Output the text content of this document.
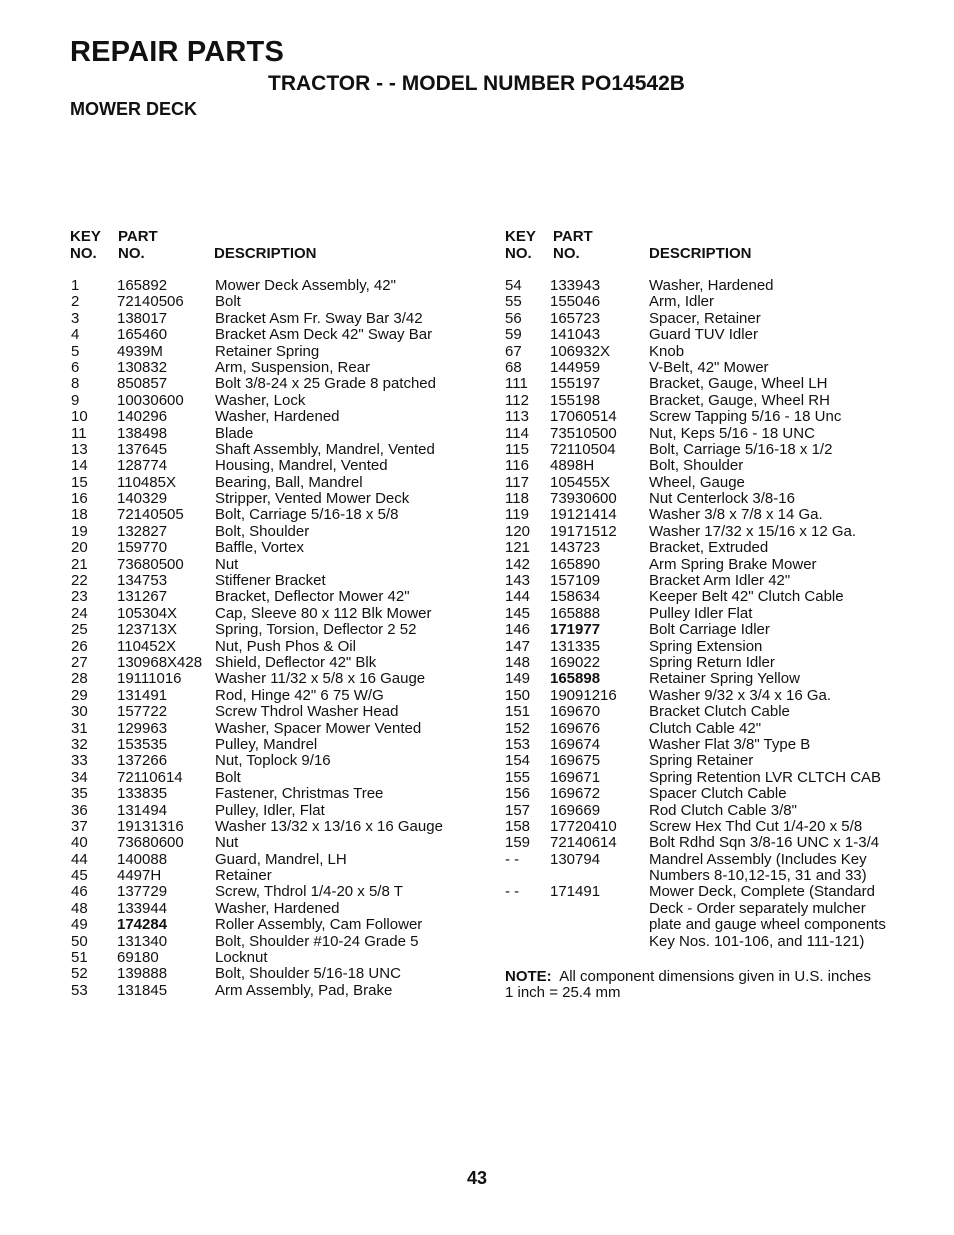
REPAIR PARTS
TRACTOR - - MODEL NUMBER PO14542B
MOWER DECK
KEY
NO.
PART
NO.	DESCRIPTION
1	165892	Mower Deck Assembly, 42"
2	72140506 Bolt
3	138017	Bracket Asm Fr. Sway Bar 3/42
4	165460	Bracket Asm Deck 42" Sway Bar
5	4939M	Retainer Spring
6	130832	Arm, Suspension, Rear
8	850857	Bolt 3/8-24 x 25 Grade 8 patched
9	10030600 Washer, Lock
10 140296	Washer, Hardened
11 138498	Blade
13 137645	Shaft Assembly, Mandrel, Vented
14 128774	Housing, Mandrel, Vented
15 110485X	Bearing, Ball, Mandrel
16 140329	Stripper, Vented Mower Deck
18 72140505 Bolt, Carriage 5/16-18 x 5/8
19 132827	Bolt, Shoulder
20 159770	Baffle, Vortex
21 73680500 Nut
22 134753	Stiffener Bracket
23 131267	Bracket, Deflector Mower 42"
24 105304X	Cap, Sleeve 80 x 112 Blk Mower
25 123713X	Spring, Torsion, Deflector 2 52
26 110452X	Nut, Push Phos & Oil
27 130968X428 Shield, Deflector 42" Blk
28 19111016 Washer 11/32 x 5/8 x 16 Gauge
29 131491	Rod, Hinge 42" 6 75 W/G
30 157722	Screw Thdrol Washer Head
31 129963	Washer, Spacer Mower Vented
32 153535	Pulley, Mandrel
33 137266	Nut, Toplock 9/16
34 72110614 Bolt
35 133835	Fastener, Christmas Tree
36 131494	Pulley, Idler, Flat
37 19131316 Washer 13/32 x 13/16 x 16 Gauge
40 73680600 Nut
44 140088	Guard, Mandrel, LH
45 4497H	Retainer
46 137729	Screw, Thdrol 1/4-20 x 5/8 T
48 133944	Washer, Hardened
49 174284	Roller Assembly, Cam Follower
50 131340	Bolt, Shoulder #10-24 Grade 5
51 69180	Locknut
52 139888	Bolt, Shoulder 5/16-18 UNC
53 131845	Arm Assembly, Pad, Brake
KEY
NO.
PART
NO.	DESCRIPTION
54 133943	Washer, Hardened
55 155046	Arm, Idler
56 165723	Spacer, Retainer
59 141043	Guard TUV Idler
67 106932X	Knob
68 144959	V-Belt, 42" Mower
111 155197	Bracket, Gauge, Wheel LH
112 155198	Bracket, Gauge, Wheel RH
113 17060514 Screw Tapping 5/16 - 18 Unc
114 73510500 Nut, Keps 5/16 - 18 UNC
115 72110504 Bolt, Carriage 5/16-18 x 1/2
116 4898H	Bolt, Shoulder
117 105455X	Wheel, Gauge
118 73930600 Nut Centerlock 3/8-16
119 19121414 Washer 3/8 x 7/8 x 14 Ga.
120 19171512 Washer 17/32 x 15/16 x 12 Ga.
121 143723	Bracket, Extruded
142 165890	Arm Spring Brake Mower
143 157109	Bracket Arm Idler 42"
144 158634	Keeper Belt 42" Clutch Cable
145 165888	Pulley Idler Flat
146 171977	Bolt Carriage Idler
147 131335	Spring Extension
148 169022	Spring Return Idler
149 165898	Retainer Spring Yellow
150 19091216 Washer 9/32 x 3/4 x 16 Ga.
151 169670	Bracket Clutch Cable
152 169676	Clutch Cable 42"
153 169674	Washer Flat 3/8" Type B
154 169675	Spring Retainer
155 169671	Spring Retention LVR CLTCH CAB
156 169672	Spacer Clutch Cable
157 169669	Rod Clutch Cable 3/8"
158 17720410 Screw Hex Thd Cut 1/4-20 x 5/8
159 72140614 Bolt Rdhd Sqn 3/8-16 UNC x 1-3/4
- - 130794	Mandrel Assembly (Includes Key
Numbers 8-10,12-15, 31 and 33)
- - 171491	Mower Deck, Complete (Standard
Deck - Order separately mulcher
plate and gauge wheel components
Key Nos. 101-106, and 111-121)
NOTE: All component dimensions given in U.S. inches
1 inch = 25.4 mm
43
